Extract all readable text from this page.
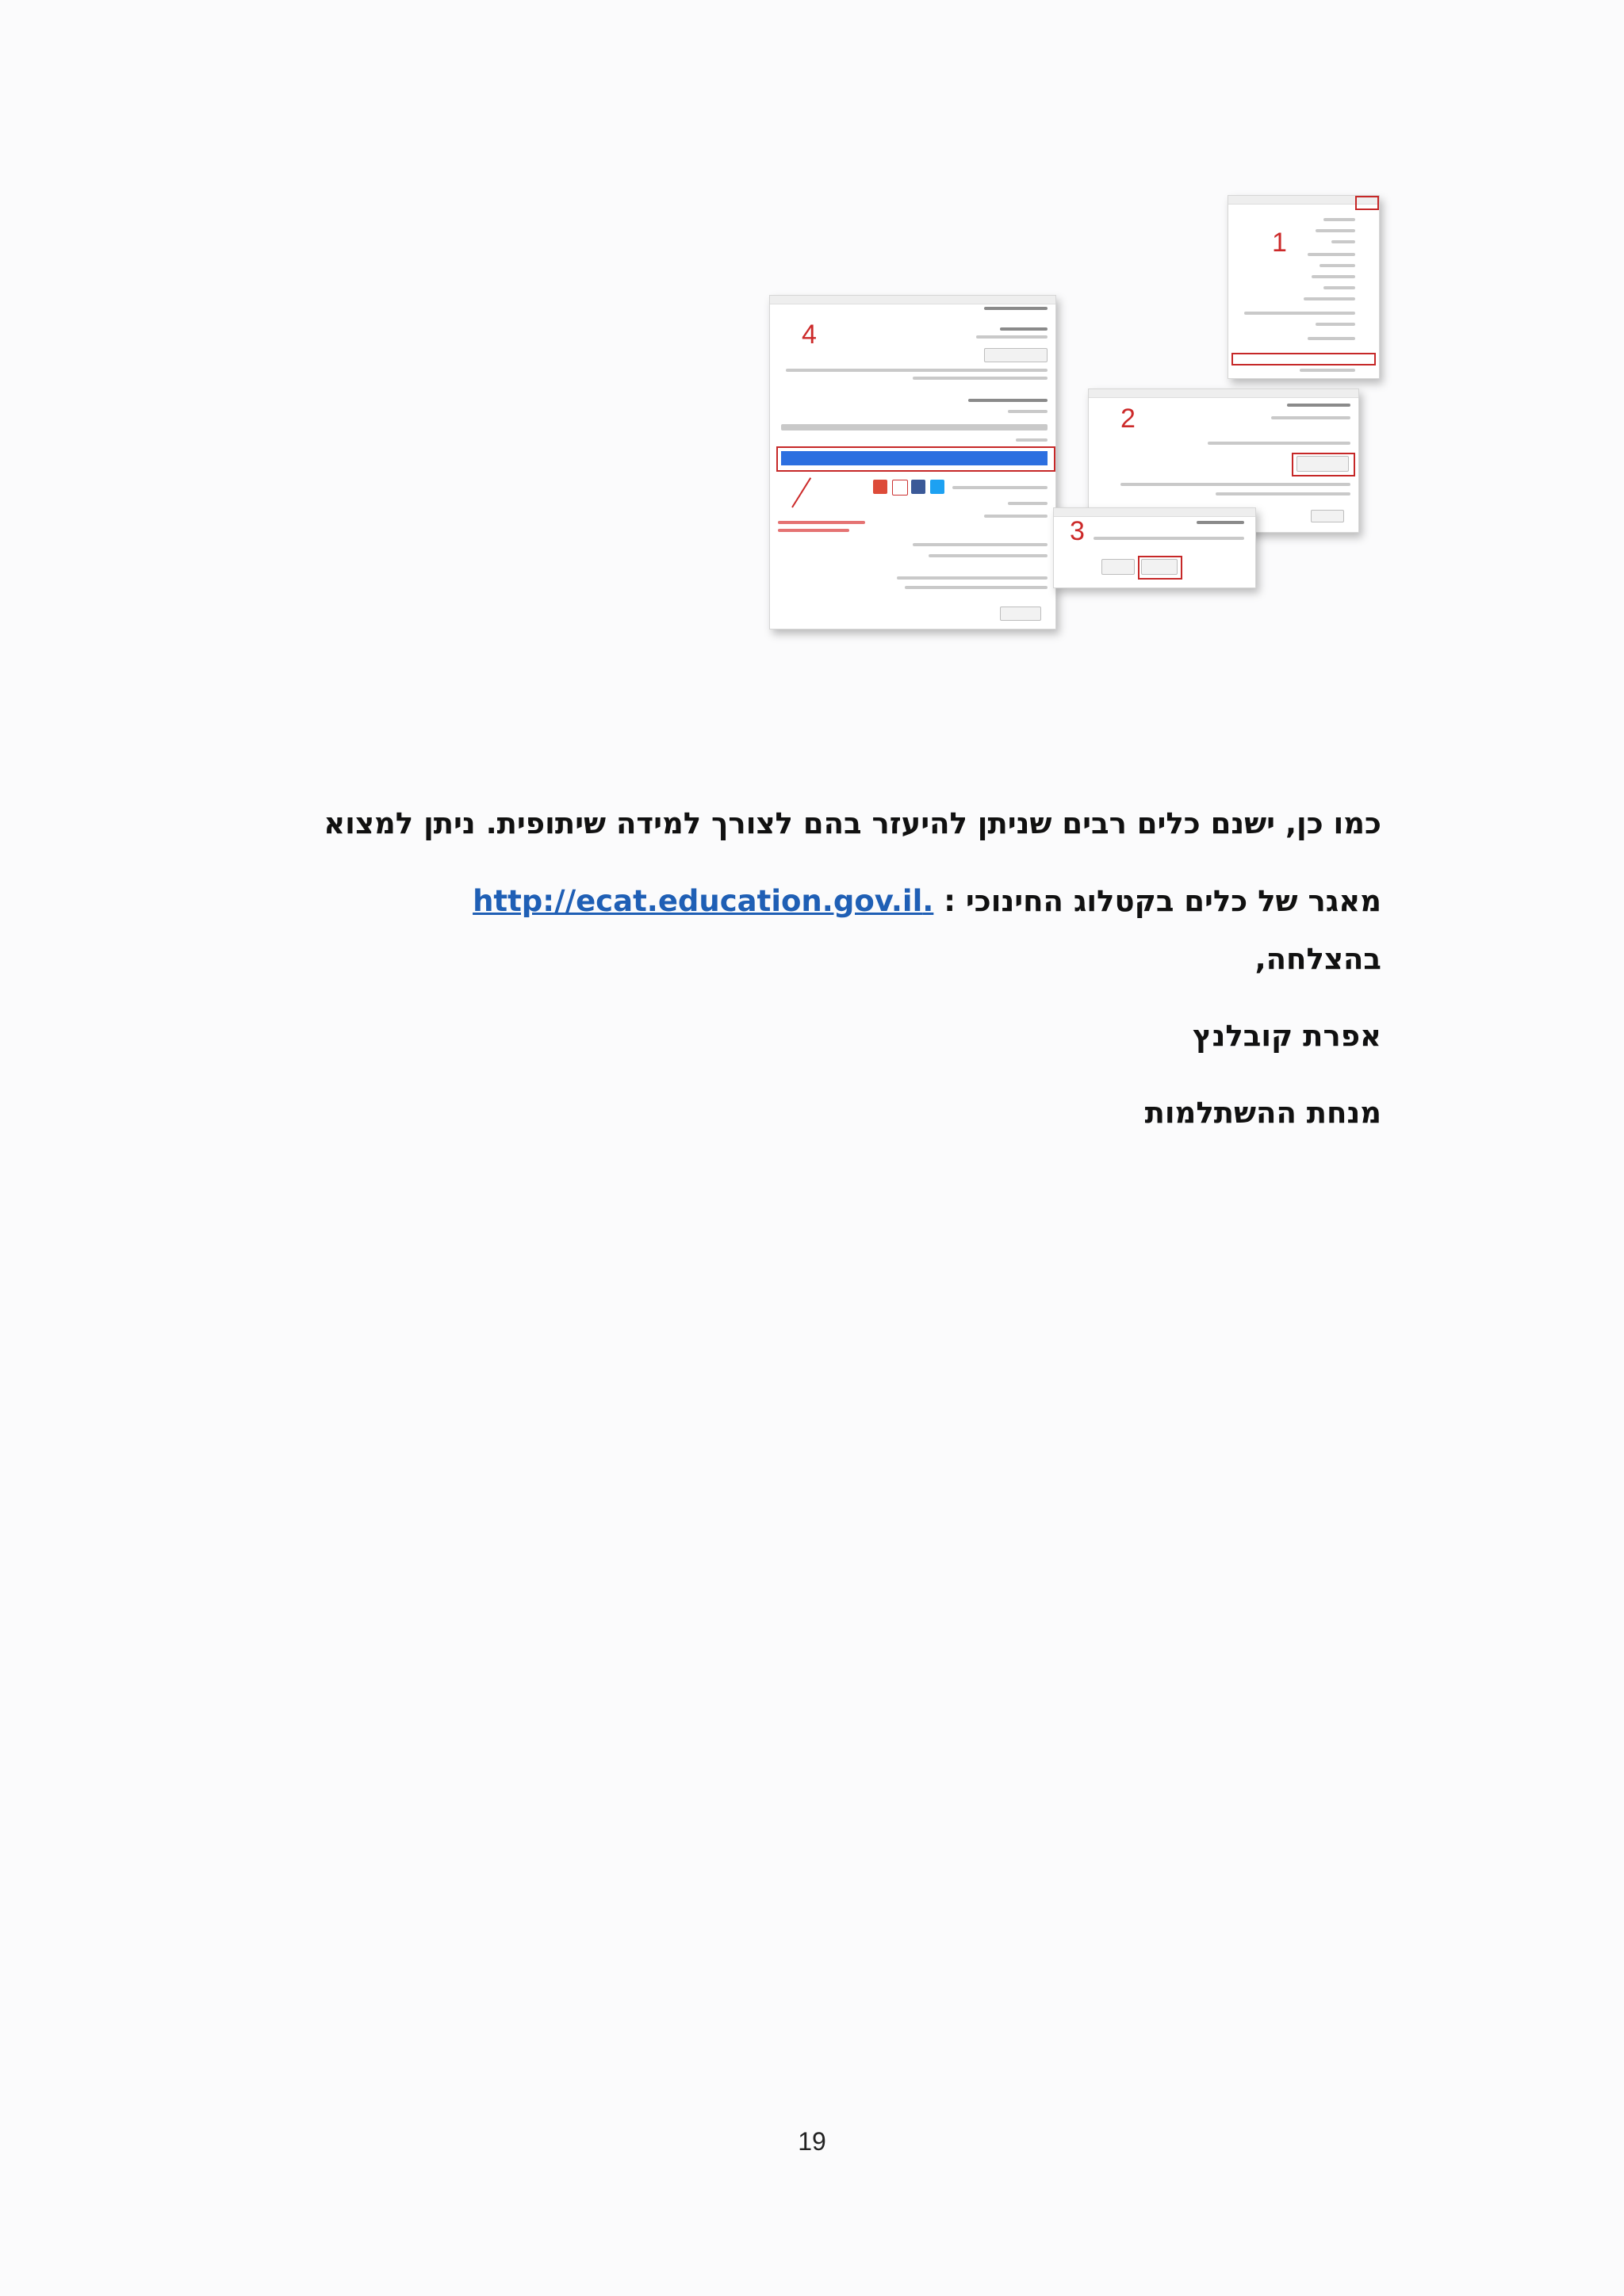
1
4
2
3
כמו כן, ישנם כלים רבים שניתן להיעזר בהם לצורך למידה שיתופית. ניתן למצוא
מאגר של כלים בקטלוג החינוכי : .http://ecat.education.gov.il
בהצלחה,
אפרת קובלנץ
מנחת ההשתלמות
19
